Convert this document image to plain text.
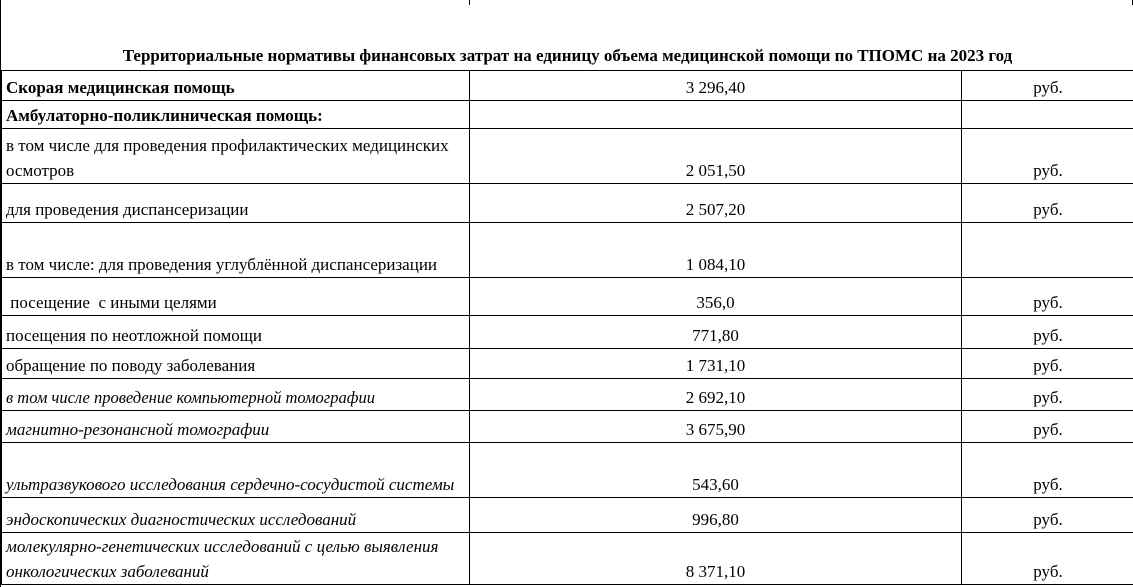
Территориальные нормативы финансовых затрат на единицу объема медицинской помощи по ТПОМС на 2023 год
Скорая медицинская помощь	3 296,40	руб.
Амбулаторно-поликлиническая помощь:		
в том числе для проведения профилактических медицинских осмотров	2 051,50	руб.
для проведения диспансеризации	2 507,20	руб.
в том числе: для проведения углублённой диспансеризации	1 084,10	
посещение  с иными целями	356,0	руб.
посещения по неотложной помощи	771,80	руб.
обращение по поводу заболевания	1 731,10	руб.
в том числе проведение компьютерной томографии	2 692,10	руб.
магнитно-резонансной томографии	3 675,90	руб.
ультразвукового исследования сердечно-сосудистой системы	543,60	руб.
эндоскопических диагностических исследований	996,80	руб.
молекулярно-генетических исследований с целью выявления онкологических заболеваний	8 371,10	руб.
